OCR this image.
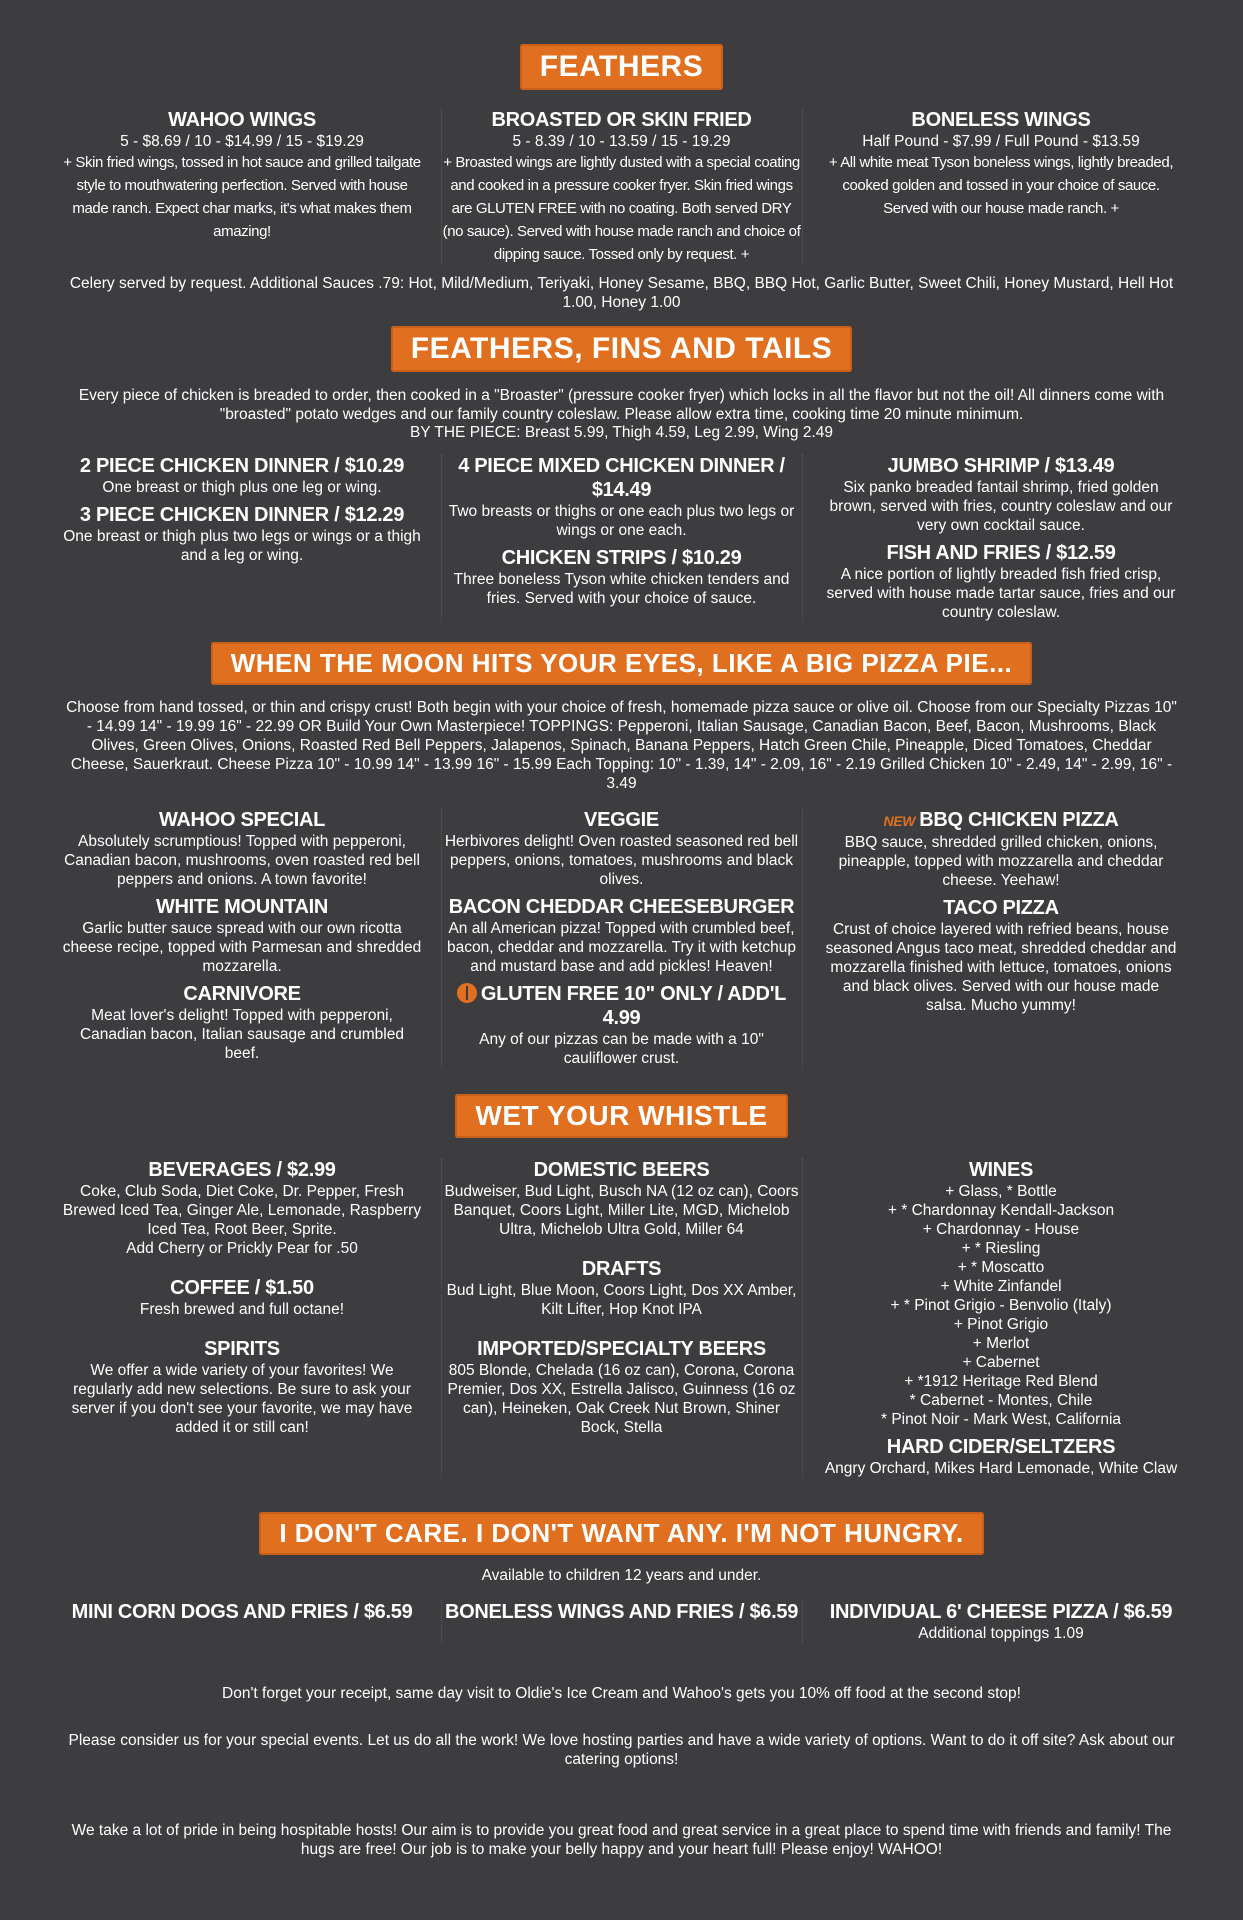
FEATHERS

WAHOO WINGS

5 - $8.69 / 10 - $14.99 / 15 - $19.29

+ Skin fried wings, tossed in hot sauce and grilled tailgate style to mouthwatering perfection. Served with house made ranch. Expect char marks, it's what makes them amazing!

BROASTED OR SKIN FRIED

5 - 8.39 / 10 - 13.59 / 15 - 19.29

+ Broasted wings are lightly dusted with a special coating and cooked in a pressure cooker fryer. Skin fried wings are GLUTEN FREE with no coating. Both served DRY (no sauce). Served with house made ranch and choice of dipping sauce. Tossed only by request. +

BONELESS WINGS

Half Pound - $7.99 / Full Pound - $13.59

+ All white meat Tyson boneless wings, lightly breaded, cooked golden and tossed in your choice of sauce. Served with our house made ranch. +

Celery served by request. Additional Sauces .79: Hot, Mild/Medium, Teriyaki, Honey Sesame, BBQ, BBQ Hot, Garlic Butter, Sweet Chili, Honey Mustard, Hell Hot 1.00, Honey 1.00
FEATHERS, FINS AND TAILS
Every piece of chicken is breaded to order, then cooked in a "Broaster" (pressure cooker fryer) which locks in all the flavor but not the oil! All dinners come with "broasted" potato wedges and our family country coleslaw. Please allow extra time, cooking time 20 minute minimum.
BY THE PIECE: Breast 5.99, Thigh 4.59, Leg 2.99, Wing 2.49

2 PIECE CHICKEN DINNER / $10.29

One breast or thigh plus one leg or wing.

3 PIECE CHICKEN DINNER / $12.29

One breast or thigh plus two legs or wings or a thigh and a leg or wing.

4 PIECE MIXED CHICKEN DINNER / $14.49

Two breasts or thighs or one each plus two legs or wings or one each.

CHICKEN STRIPS / $10.29

Three boneless Tyson white chicken tenders and fries. Served with your choice of sauce.

JUMBO SHRIMP / $13.49

Six panko breaded fantail shrimp, fried golden brown, served with fries, country coleslaw and our very own cocktail sauce.

FISH AND FRIES / $12.59

A nice portion of lightly breaded fish fried crisp, served with house made tartar sauce, fries and our country coleslaw.

WHEN THE MOON HITS YOUR EYES, LIKE A BIG PIZZA PIE...
Choose from hand tossed, or thin and crispy crust! Both begin with your choice of fresh, homemade pizza sauce or olive oil. Choose from our Specialty Pizzas 10" - 14.99 14" - 19.99 16" - 22.99 OR Build Your Own Masterpiece! TOPPINGS: Pepperoni, Italian Sausage, Canadian Bacon, Beef, Bacon, Mushrooms, Black Olives, Green Olives, Onions, Roasted Red Bell Peppers, Jalapenos, Spinach, Banana Peppers, Hatch Green Chile, Pineapple, Diced Tomatoes, Cheddar Cheese, Sauerkraut. Cheese Pizza 10" - 10.99 14" - 13.99 16" - 15.99 Each Topping: 10" - 1.39, 14" - 2.09, 16" - 2.19 Grilled Chicken 10" - 2.49, 14" - 2.99, 16" - 3.49

WAHOO SPECIAL

Absolutely scrumptious! Topped with pepperoni, Canadian bacon, mushrooms, oven roasted red bell peppers and onions. A town favorite!

WHITE MOUNTAIN

Garlic butter sauce spread with our own ricotta cheese recipe, topped with Parmesan and shredded mozzarella.

CARNIVORE

Meat lover's delight! Topped with pepperoni, Canadian bacon, Italian sausage and crumbled beef.

VEGGIE

Herbivores delight! Oven roasted seasoned red bell peppers, onions, tomatoes, mushrooms and black olives.

BACON CHEDDAR CHEESEBURGER

An all American pizza! Topped with crumbled beef, bacon, cheddar and mozzarella. Try it with ketchup and mustard base and add pickles! Heaven!

GLUTEN FREE 10" ONLY / ADD'L 4.99

Any of our pizzas can be made with a 10" cauliflower crust.

NEW BBQ CHICKEN PIZZA

BBQ sauce, shredded grilled chicken, onions, pineapple, topped with mozzarella and cheddar cheese. Yeehaw!

TACO PIZZA

Crust of choice layered with refried beans, house seasoned Angus taco meat, shredded cheddar and mozzarella finished with lettuce, tomatoes, onions and black olives. Served with our house made salsa. Mucho yummy!

WET YOUR WHISTLE

BEVERAGES / $2.99

Coke, Club Soda, Diet Coke, Dr. Pepper, Fresh Brewed Iced Tea, Ginger Ale, Lemonade, Raspberry Iced Tea, Root Beer, Sprite.

Add Cherry or Prickly Pear for .50

COFFEE / $1.50

Fresh brewed and full octane!

SPIRITS

We offer a wide variety of your favorites! We regularly add new selections. Be sure to ask your server if you don't see your favorite, we may have added it or still can!

DOMESTIC BEERS

Budweiser, Bud Light, Busch NA (12 oz can), Coors Banquet, Coors Light, Miller Lite, MGD, Michelob Ultra, Michelob Ultra Gold, Miller 64

DRAFTS

Bud Light, Blue Moon, Coors Light, Dos XX Amber, Kilt Lifter, Hop Knot IPA

IMPORTED/SPECIALTY BEERS

805 Blonde, Chelada (16 oz can), Corona, Corona Premier, Dos XX, Estrella Jalisco, Guinness (16 oz can), Heineken, Oak Creek Nut Brown, Shiner Bock, Stella

WINES

+ Glass, * Bottle
+ * Chardonnay Kendall-Jackson
+ Chardonnay - House
+ * Riesling
+ * Moscatto
+ White Zinfandel
+ * Pinot Grigio - Benvolio (Italy)
+ Pinot Grigio
+ Merlot
+ Cabernet
+ *1912 Heritage Red Blend
* Cabernet - Montes, Chile
* Pinot Noir - Mark West, California

HARD CIDER/SELTZERS

Angry Orchard, Mikes Hard Lemonade, White Claw

I DON'T CARE. I DON'T WANT ANY. I'M NOT HUNGRY.
Available to children 12 years and under.

MINI CORN DOGS AND FRIES / $6.59	BONELESS WINGS AND FRIES / $6.59	INDIVIDUAL 6' CHEESE PIZZA / $6.59

Additional toppings 1.09

Don't forget your receipt, same day visit to Oldie's Ice Cream and Wahoo's gets you 10% off food at the second stop!
Please consider us for your special events. Let us do all the work! We love hosting parties and have a wide variety of options. Want to do it off site? Ask about our catering options!
We take a lot of pride in being hospitable hosts! Our aim is to provide you great food and great service in a great place to spend time with friends and family! The hugs are free! Our job is to make your belly happy and your heart full! Please enjoy! WAHOO!
